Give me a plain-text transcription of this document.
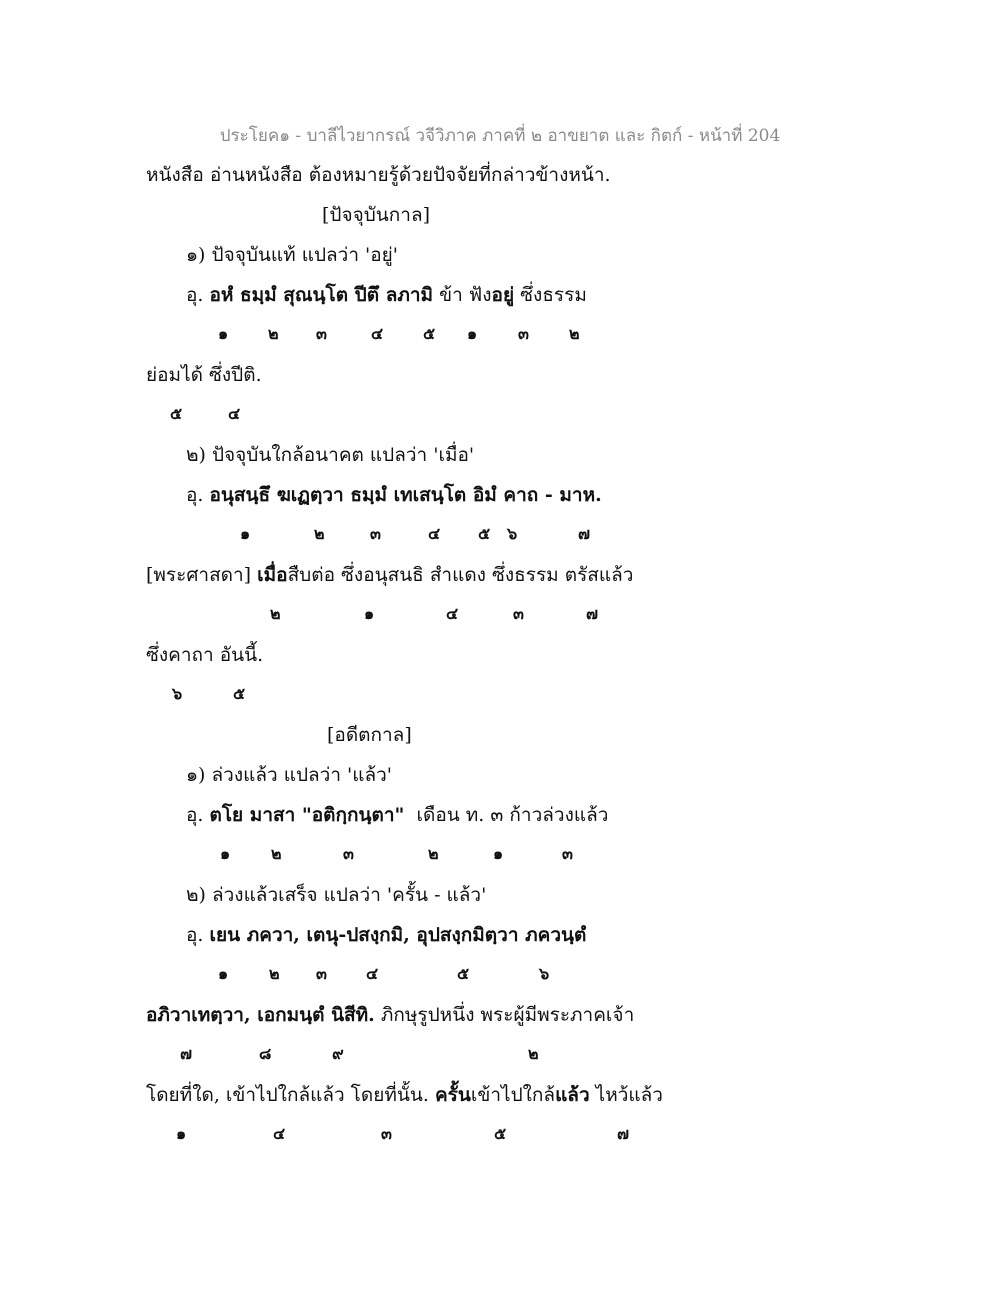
ประโยค๑ - บาลีไวยากรณ์ วจีวิภาค ภาคที่ ๒ อาขยาต และ กิตก์ - หน้าที่ 204
หนังสือ อ่านหนังสือ ต้องหมายรู้ด้วยปัจจัยที่กล่าวข้างหน้า.
[ปัจจุบันกาล]
๑) ปัจจุบันแท้ แปลว่า 'อยู่'
อุ. อหํ ธมฺมํ สุณนฺโต ปีตึ ลภามิ ข้า ฟังอยู่ ซึ่งธรรม
ย่อมได้ ซึ่งปีติ.
๒) ปัจจุบันใกล้อนาคต แปลว่า 'เมื่อ'
อุ. อนุสนฺธึ ฆเฏตฺวา ธมฺมํ เทเสนฺโต อิมํ คาถ - มาห.
[พระศาสดา] เมื่อสืบต่อ ซึ่งอนุสนธิ สำแดง ซึ่งธรรม ตรัสแล้ว
ซึ่งคาถา อันนี้.
[อดีตกาล]
๑) ล่วงแล้ว แปลว่า 'แล้ว'
อุ. ตโย มาสา "อติกฺกนฺตา" เดือน ท. ๓ ก้าวล่วงแล้ว
๒) ล่วงแล้วเสร็จ แปลว่า 'ครั้น - แล้ว'
อุ. เยน ภควา, เตนุ-ปสงฺกมิ, อุปสงฺกมิตฺวา ภควนฺตํ
อภิวาเทตฺวา, เอกมนฺตํ นิสีทิ. ภิกษุรูปหนึ่ง พระผู้มีพระภาคเจ้า
โดยที่ใด, เข้าไปใกล้แล้ว โดยที่นั้น. ครั้นเข้าไปใกล้แล้ว ไหว้แล้ว
๑ ๒ ๓	๔ ๕ ๑	๓	๒
๕	๔
๑	๒	๓	๔ ๕ ๖	๗
๒	๑	๔	๓	๗
๖	๕
๑	๒	๓	๒	๑	๓
๑	๒ ๓ ๔	๕	๖
๗	๘	๙	๒
๑	๔	๓	๕	๗
